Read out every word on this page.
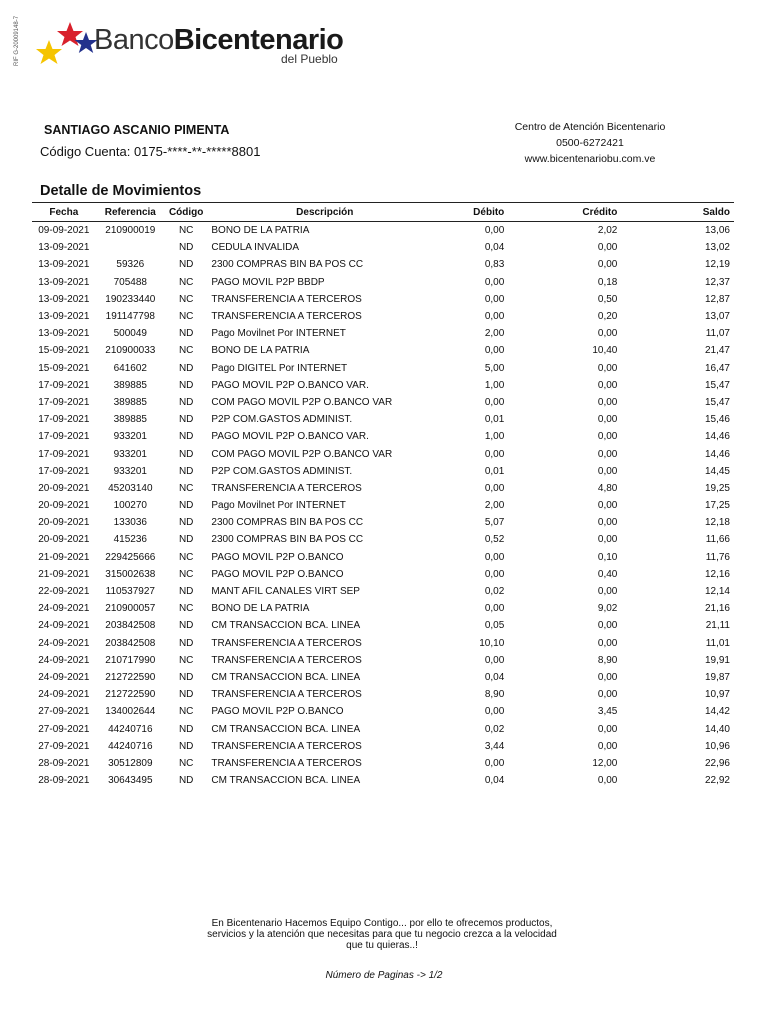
RIF G-20009148-7	BancoBicentenario
del Pueblo
SANTIAGO ASCANIO PIMENTA
Código Cuenta: 0175-****-**-*****8801
Centro de Atención Bicentenario
0500-6272421
www.bicentenariobu.com.ve
Detalle de Movimientos
Fecha	Referencia	Código	Descripción	Débito	Crédito	Saldo
09-09-2021	210900019	NC	BONO DE LA PATRIA	0,00	2,02	13,06
13-09-2021		ND	CEDULA INVALIDA	0,04	0,00	13,02
13-09-2021	59326	ND	2300 COMPRAS BIN BA POS CC	0,83	0,00	12,19
13-09-2021	705488	NC	PAGO MOVIL P2P BBDP	0,00	0,18	12,37
13-09-2021	190233440	NC	TRANSFERENCIA A TERCEROS	0,00	0,50	12,87
13-09-2021	191147798	NC	TRANSFERENCIA A TERCEROS	0,00	0,20	13,07
13-09-2021	500049	ND	Pago Movilnet Por INTERNET	2,00	0,00	11,07
15-09-2021	210900033	NC	BONO DE LA PATRIA	0,00	10,40	21,47
15-09-2021	641602	ND	Pago DIGITEL Por INTERNET	5,00	0,00	16,47
17-09-2021	389885	ND	PAGO MOVIL P2P O.BANCO VAR.	1,00	0,00	15,47
17-09-2021	389885	ND	COM PAGO MOVIL P2P O.BANCO VAR	0,00	0,00	15,47
17-09-2021	389885	ND	P2P COM.GASTOS ADMINIST.	0,01	0,00	15,46
17-09-2021	933201	ND	PAGO MOVIL P2P O.BANCO VAR.	1,00	0,00	14,46
17-09-2021	933201	ND	COM PAGO MOVIL P2P O.BANCO VAR	0,00	0,00	14,46
17-09-2021	933201	ND	P2P COM.GASTOS ADMINIST.	0,01	0,00	14,45
20-09-2021	45203140	NC	TRANSFERENCIA A TERCEROS	0,00	4,80	19,25
20-09-2021	100270	ND	Pago Movilnet Por INTERNET	2,00	0,00	17,25
20-09-2021	133036	ND	2300 COMPRAS BIN BA POS CC	5,07	0,00	12,18
20-09-2021	415236	ND	2300 COMPRAS BIN BA POS CC	0,52	0,00	11,66
21-09-2021	229425666	NC	PAGO MOVIL P2P O.BANCO	0,00	0,10	11,76
21-09-2021	315002638	NC	PAGO MOVIL P2P O.BANCO	0,00	0,40	12,16
22-09-2021	110537927	ND	MANT AFIL CANALES VIRT SEP	0,02	0,00	12,14
24-09-2021	210900057	NC	BONO DE LA PATRIA	0,00	9,02	21,16
24-09-2021	203842508	ND	CM TRANSACCION BCA. LINEA	0,05	0,00	21,11
24-09-2021	203842508	ND	TRANSFERENCIA A TERCEROS	10,10	0,00	11,01
24-09-2021	210717990	NC	TRANSFERENCIA A TERCEROS	0,00	8,90	19,91
24-09-2021	212722590	ND	CM TRANSACCION BCA. LINEA	0,04	0,00	19,87
24-09-2021	212722590	ND	TRANSFERENCIA A TERCEROS	8,90	0,00	10,97
27-09-2021	134002644	NC	PAGO MOVIL P2P O.BANCO	0,00	3,45	14,42
27-09-2021	44240716	ND	CM TRANSACCION BCA. LINEA	0,02	0,00	14,40
27-09-2021	44240716	ND	TRANSFERENCIA A TERCEROS	3,44	0,00	10,96
28-09-2021	30512809	NC	TRANSFERENCIA A TERCEROS	0,00	12,00	22,96
28-09-2021	30643495	ND	CM TRANSACCION BCA. LINEA	0,04	0,00	22,92
En Bicentenario Hacemos Equipo Contigo... por ello te ofrecemos productos,
servicios y la atención que necesitas para que tu negocio crezca a la velocidad
que tu quieras..!
Número de Paginas -> 1/2
